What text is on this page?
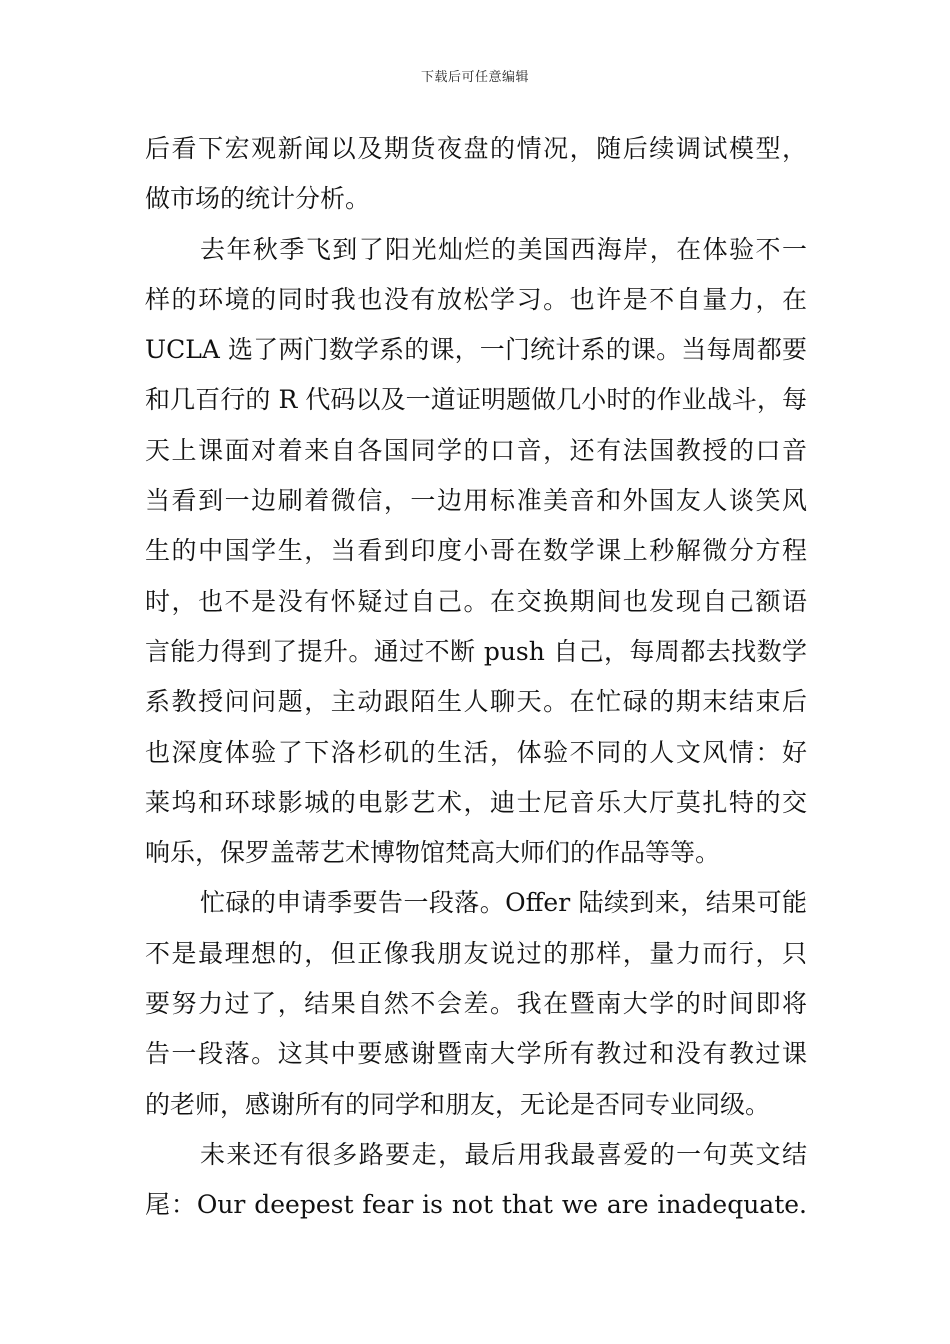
下载后可任意编辑
后看下宏观新闻以及期货夜盘的情况，随后续调试模型，
做市场的统计分析。
去年秋季飞到了阳光灿烂的美国西海岸，在体验不一
样的环境的同时我也没有放松学习。也许是不自量力，在
UCLA 选了两门数学系的课，一门统计系的课。当每周都要
和几百行的 R 代码以及一道证明题做几小时的作业战斗，每
天上课面对着来自各国同学的口音，还有法国教授的口音
当看到一边刷着微信，一边用标准美音和外国友人谈笑风
生的中国学生，当看到印度小哥在数学课上秒解微分方程
时，也不是没有怀疑过自己。在交换期间也发现自己额语
言能力得到了提升。通过不断 push 自己，每周都去找数学
系教授问问题，主动跟陌生人聊天。在忙碌的期末结束后
也深度体验了下洛杉矶的生活，体验不同的人文风情：好
莱坞和环球影城的电影艺术，迪士尼音乐大厅莫扎特的交
响乐，保罗盖蒂艺术博物馆梵高大师们的作品等等。
忙碌的申请季要告一段落。Offer 陆续到来，结果可能
不是最理想的，但正像我朋友说过的那样，量力而行，只
要努力过了，结果自然不会差。我在暨南大学的时间即将
告一段落。这其中要感谢暨南大学所有教过和没有教过课
的老师，感谢所有的同学和朋友，无论是否同专业同级。
未来还有很多路要走，最后用我最喜爱的一句英文结
尾：Our deepest fear is not that we are inadequate.
